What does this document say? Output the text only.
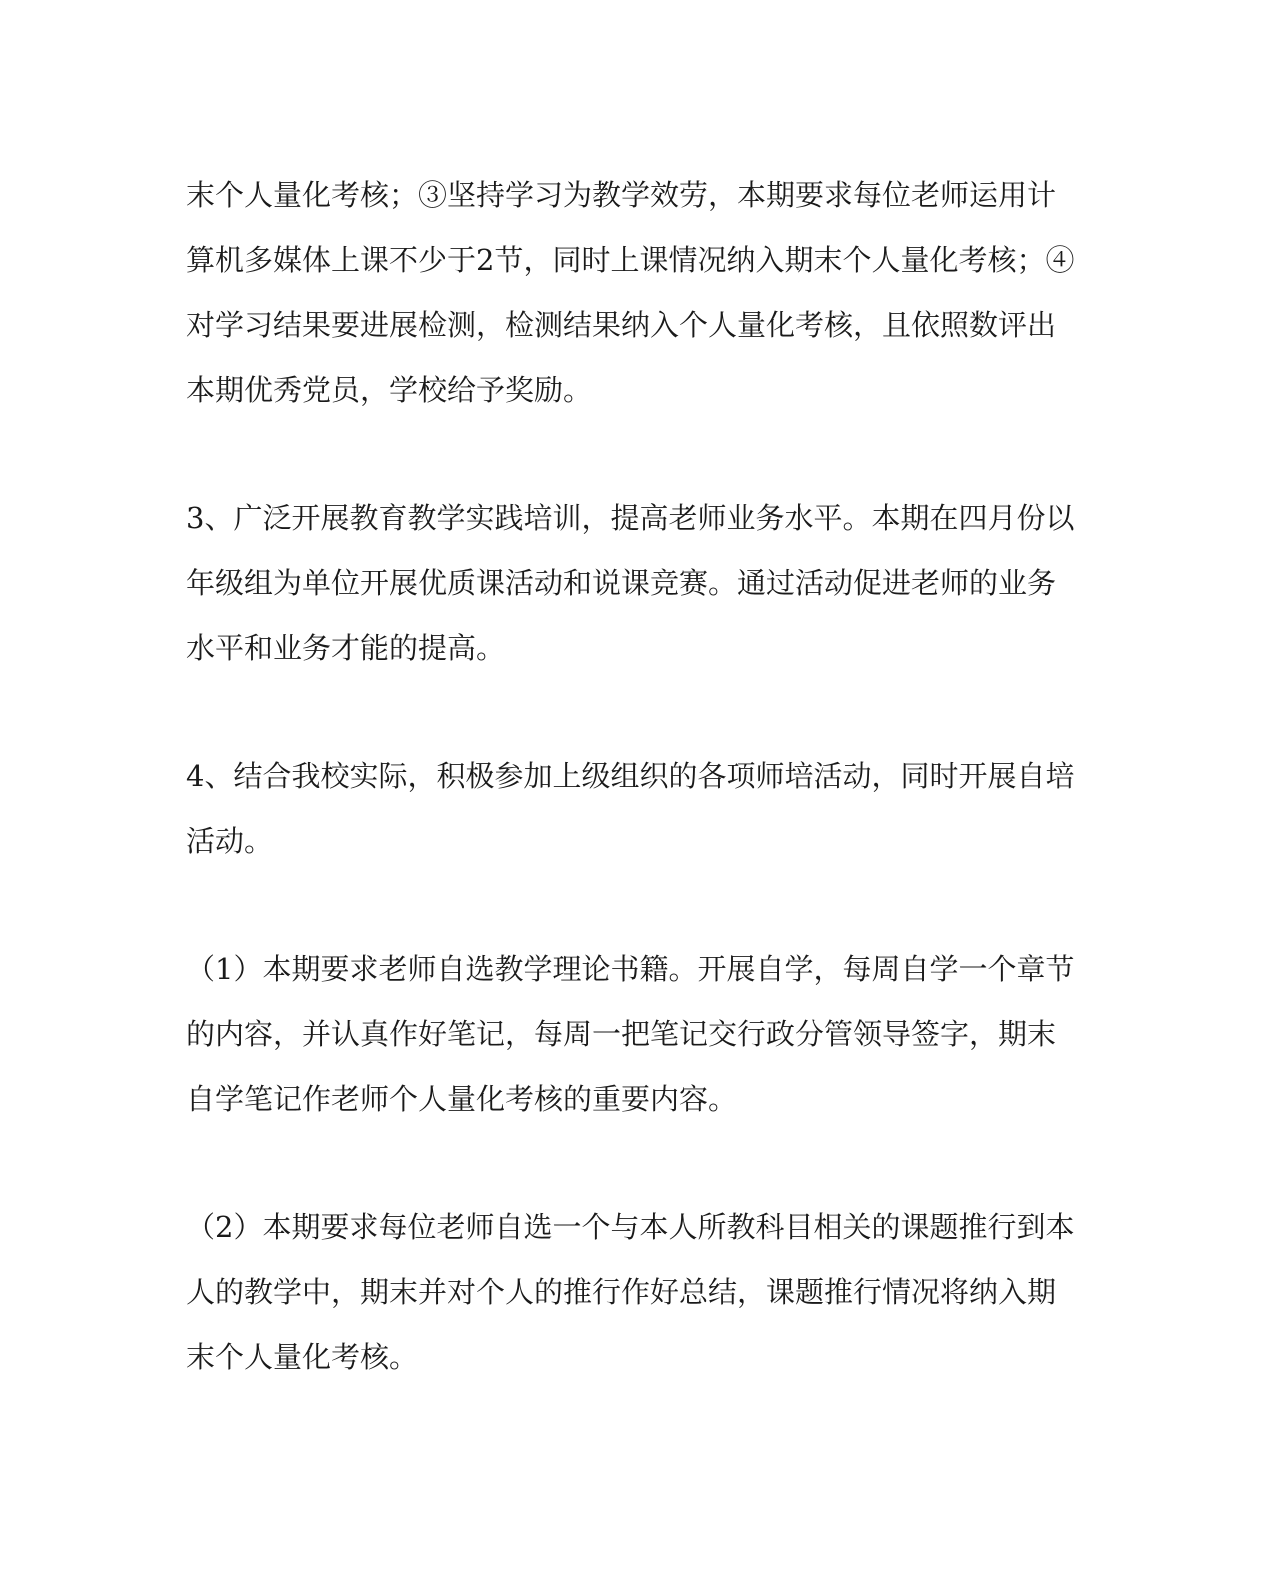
末个人量化考核；③坚持学习为教学效劳，本期要求每位老师运用计
算机多媒体上课不少于2节，同时上课情况纳入期末个人量化考核；④
对学习结果要进展检测，检测结果纳入个人量化考核，且依照数评出
本期优秀党员，学校给予奖励。
3、广泛开展教育教学实践培训，提高老师业务水平。本期在四月份以
年级组为单位开展优质课活动和说课竞赛。通过活动促进老师的业务
水平和业务才能的提高。
4、结合我校实际，积极参加上级组织的各项师培活动，同时开展自培
活动。
（1）本期要求老师自选教学理论书籍。开展自学，每周自学一个章节
的内容，并认真作好笔记，每周一把笔记交行政分管领导签字，期末
自学笔记作老师个人量化考核的重要内容。
（2）本期要求每位老师自选一个与本人所教科目相关的课题推行到本
人的教学中，期末并对个人的推行作好总结，课题推行情况将纳入期
末个人量化考核。
